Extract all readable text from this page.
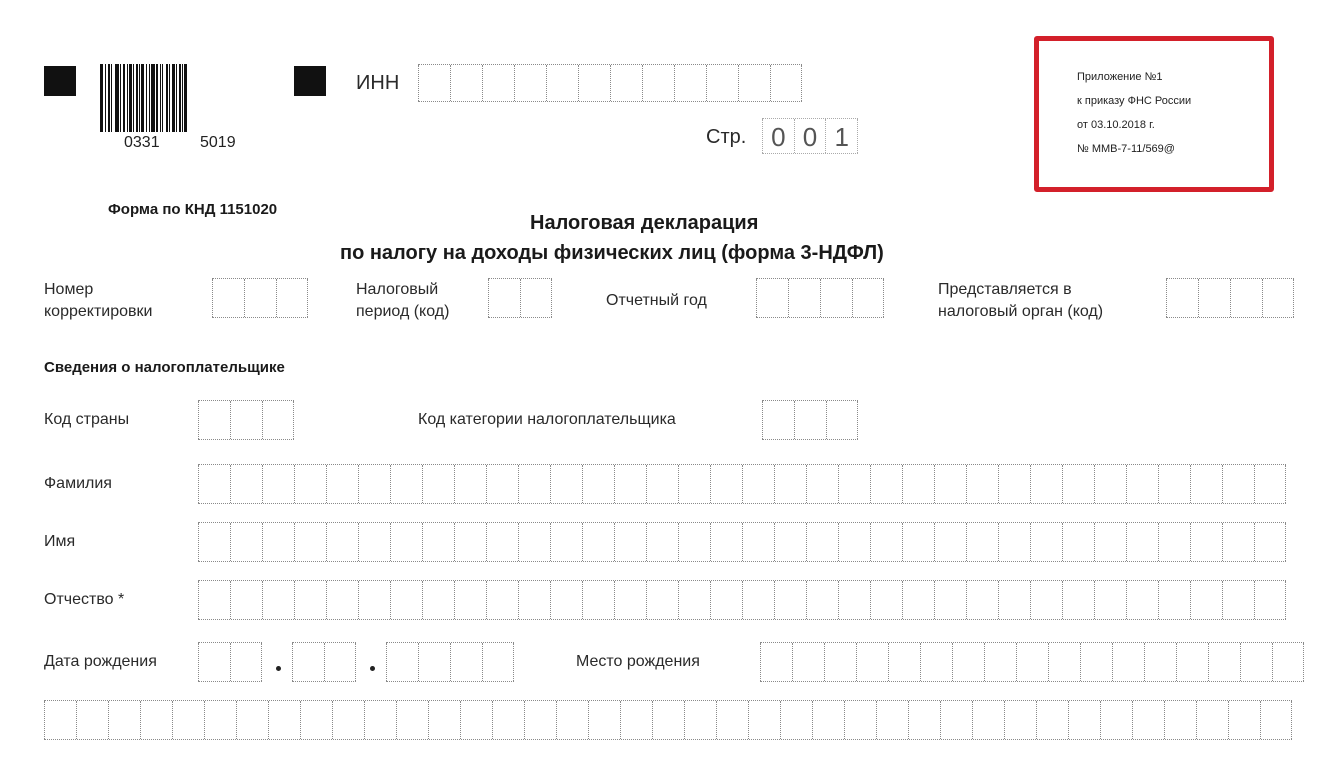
0331	5019
ИНН
Стр. 0 0 1
Приложение №1
к приказу ФНС России
от 03.10.2018 г.
№ ММВ-7-11/569@
Форма по КНД 1151020
Налоговая декларация
по налогу на доходы физических лиц (форма 3-НДФЛ)
Номер
корректировки
Налоговый
период (код)
Отчетный год
Представляется в
налоговый орган (код)
Сведения о налогоплательщике
Код страны	Код категории налогоплательщика
Фамилия
Имя
Отчество *
Дата рождения	Место рождения
